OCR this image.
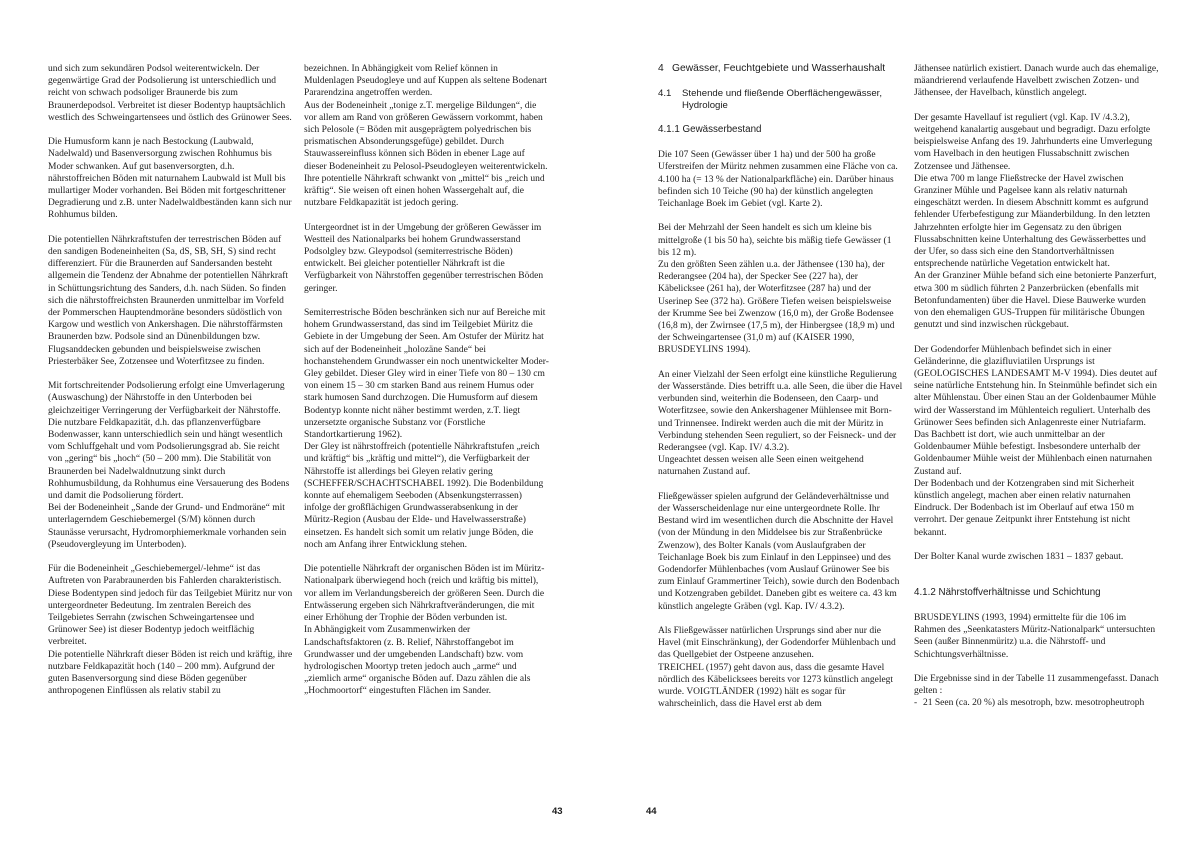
und sich zum sekundären Podsol weiterentwickeln. Der gegenwärtige Grad der Podsolierung ist unterschiedlich und reicht von schwach podsoliger Braunerde bis zum Braunerdepodsol. Verbreitet ist dieser Bodentyp hauptsächlich westlich des Schweingartensees und östlich des Grünower Sees.

Die Humusform kann je nach Bestockung (Laubwald, Nadelwald) und Basenversorgung zwischen Rohhumus bis Moder schwanken. Auf gut basenversorgten, d.h. nährstoffreichen Böden mit naturnahem Laubwald ist Mull bis mullartiger Moder vorhanden. Bei Böden mit fortgeschrittener Degradierung und z.B. unter Nadelwaldbeständen kann sich nur Rohhumus bilden.

Die potentiellen Nährkraftstufen der terrestrischen Böden auf den sandigen Bodeneinheiten (Sa, dS, SB, SH, S) sind recht differenziert. Für die Braunerden auf Sandersanden besteht allgemein die Tendenz der Abnahme der potentiellen Nährkraft in Schüttungsrichtung des Sanders, d.h. nach Süden. So finden sich die nährstoffreichsten Braunerden unmittelbar im Vorfeld der Pommerschen Hauptendmoräne besonders südöstlich von Kargow und westlich von Ankershagen. Die nährstoffärmsten Braunerden bzw. Podsole sind an Dünenbildungen bzw. Flugsanddecken gebunden und beispielsweise zwischen Priesterbäker See, Zotzensee und Woterfitzsee zu finden.

Mit fortschreitender Podsolierung erfolgt eine Umverlagerung (Auswaschung) der Nährstoffe in den Unterboden bei gleichzeitiger Verringerung der Verfügbarkeit der Nährstoffe. Die nutzbare Feldkapazität, d.h. das pflanzenverfügbare Bodenwasser, kann unterschiedlich sein und hängt wesentlich vom Schluffgehalt und vom Podsolierungsgrad ab. Sie reicht von „gering“ bis „hoch“ (50 – 200 mm). Die Stabilität von Braunerden bei Nadelwaldnutzung sinkt durch Rohhumusbildung, da Rohhumus eine Versauerung des Bodens und damit die Podsolierung fördert.

Bei der Bodeneinheit „Sande der Grund- und Endmoräne“ mit unterlagerndem Geschiebemergel (S/M) können durch Staunässe verursacht, Hydromorphiemerkmale vorhanden sein (Pseudovergleyung im Unterboden).

Für die Bodeneinheit „Geschiebemergel/-lehme“ ist das Auftreten von Parabraunerden bis Fahlerden charakteristisch. Diese Bodentypen sind jedoch für das Teilgebiet Müritz nur von untergeordneter Bedeutung. Im zentralen Bereich des Teilgebietes Serrahn (zwischen Schweingartensee und Grünower See) ist dieser Bodentyp jedoch weitflächig verbreitet.

Die potentielle Nährkraft dieser Böden ist reich und kräftig, ihre nutzbare Feldkapazität hoch (140 – 200 mm). Aufgrund der guten Basenversorgung sind diese Böden gegenüber anthropogenen Einflüssen als relativ stabil zu

bezeichnen. In Abhängigkeit vom Relief können in Muldenlagen Pseudogleye und auf Kuppen als seltene Bodenart Pararendzina angetroffen werden.

Aus der Bodeneinheit „tonige z.T. mergelige Bildungen“, die vor allem am Rand von größeren Gewässern vorkommt, haben sich Pelosole (= Böden mit ausgeprägtem polyedrischen bis prismatischen Absonderungsgefüge) gebildet. Durch Stauwassereinfluss können sich Böden in ebener Lage auf dieser Bodeneinheit zu Pelosol-Pseudogleyen weiterentwickeln. Ihre potentielle Nährkraft schwankt von „mittel“ bis „reich und kräftig“. Sie weisen oft einen hohen Wassergehalt auf, die nutzbare Feldkapazität ist jedoch gering.

Untergeordnet ist in der Umgebung der größeren Gewässer im Westteil des Nationalparks bei hohem Grundwasserstand Podsolgley bzw. Gleypodsol (semiterrestrische Böden) entwickelt. Bei gleicher potentieller Nährkraft ist die Verfügbarkeit von Nährstoffen gegenüber terrestrischen Böden geringer.

Semiterrestrische Böden beschränken sich nur auf Bereiche mit hohem Grundwasserstand, das sind im Teilgebiet Müritz die Gebiete in der Umgebung der Seen. Am Ostufer der Müritz hat sich auf der Bodeneinheit „holozäne Sande“ bei hochanstehendem Grundwasser ein noch unentwickelter Moder-Gley gebildet. Dieser Gley wird in einer Tiefe von 80 – 130 cm von einem 15 – 30 cm starken Band aus reinem Humus oder stark humosen Sand durchzogen. Die Humusform auf diesem Bodentyp konnte nicht näher bestimmt werden, z.T. liegt unzersetzte organische Substanz vor (Forstliche Standortkartierung 1962).

Der Gley ist nährstoffreich (potentielle Nährkraftstufen „reich und kräftig“ bis „kräftig und mittel“), die Verfügbarkeit der Nährstoffe ist allerdings bei Gleyen relativ gering (SCHEFFER/SCHACHTSCHABEL 1992). Die Bodenbildung konnte auf ehemaligem Seeboden (Absenkungsterrassen) infolge der großflächigen Grundwasserabsenkung in der Müritz-Region (Ausbau der Elde- und Havelwasserstraße) einsetzen. Es handelt sich somit um relativ junge Böden, die noch am Anfang ihrer Entwicklung stehen.

Die potentielle Nährkraft der organischen Böden ist im Müritz-Nationalpark überwiegend hoch (reich und kräftig bis mittel), vor allem im Verlandungsbereich der größeren Seen. Durch die Entwässerung ergeben sich Nährkraftveränderungen, die mit einer Erhöhung der Trophie der Böden verbunden ist.

In Abhängigkeit vom Zusammenwirken der Landschaftsfaktoren (z. B. Relief, Nährstoffangebot im Grundwasser und der umgebenden Landschaft) bzw. vom hydrologischen Moortyp treten jedoch auch „arme“ und „ziemlich arme“ organische Böden auf. Dazu zählen die als „Hochmoortorf“ eingestuften Flächen im Sander.

43
4 Gewässer, Feuchtgebiete und Wasserhaushalt
4.1	Stehende und fließende Oberflächengewässer, Hydrologie
4.1.1 Gewässerbestand

Die 107 Seen (Gewässer über 1 ha) und der 500 ha große Uferstreifen der Müritz nehmen zusammen eine Fläche von ca. 4.100 ha (= 13 % der Nationalparkfläche) ein. Darüber hinaus befinden sich 10 Teiche (90 ha) der künstlich angelegten Teichanlage Boek im Gebiet (vgl. Karte 2).

Bei der Mehrzahl der Seen handelt es sich um kleine bis mittelgroße (1 bis 50 ha), seichte bis mäßig tiefe Gewässer (1 bis 12 m).

Zu den größten Seen zählen u.a. der Jäthensee (130 ha), der Rederangsee (204 ha), der Specker See (227 ha), der Käbelicksee (261 ha), der Woterfitzsee (287 ha) und der Userinер See (372 ha). Größere Tiefen weisen beispielsweise der Krumme See bei Zwenzow (16,0 m), der Große Bodensee (16,8 m), der Zwirnsee (17,5 m), der Hinbergsee (18,9 m) und der Schweingartensee (31,0 m) auf (KAISER 1990, BRUSDEYLINS 1994).

An einer Vielzahl der Seen erfolgt eine künstliche Regulierung der Wasserstände. Dies betrifft u.a. alle Seen, die über die Havel verbunden sind, weiterhin die Bodenseen, den Caarp- und Woterfitzsee, sowie den Ankershagener Mühlensee mit Born- und Trinnensee. Indirekt werden auch die mit der Müritz in Verbindung stehenden Seen reguliert, so der Feisneck- und der Rederangsee (vgl. Kap. IV/ 4.3.2).

Ungeachtet dessen weisen alle Seen einen weitgehend naturnahen Zustand auf.

Fließgewässer spielen aufgrund der Geländeverhältnisse und der Wasserscheidenlage nur eine untergeordnete Rolle. Ihr Bestand wird im wesentlichen durch die Abschnitte der Havel (von der Mündung in den Middelsee bis zur Straßenbrücke Zwenzow), des Bolter Kanals (vom Auslaufgraben der Teichanlage Boek bis zum Einlauf in den Leppinsee) und des Godendorfer Mühlenbaches (vom Auslauf Grünower See bis zum Einlauf Grammertiner Teich), sowie durch den Bodenbach und Kotzengraben gebildet. Daneben gibt es weitere ca. 43 km künstlich angelegte Gräben (vgl. Kap. IV/ 4.3.2).

Als Fließgewässer natürlichen Ursprungs sind aber nur die Havel (mit Einschränkung), der Godendorfer Mühlenbach und das Quellgebiet der Ostpeene anzusehen.

TREICHEL (1957) geht davon aus, dass die gesamte Havel nördlich des Käbelicksees bereits vor 1273 künstlich angelegt wurde. VOIGTLÄNDER (1992) hält es sogar für wahrscheinlich, dass die Havel erst ab dem

Jäthensee natürlich existiert. Danach wurde auch das ehemalige, mäandrierend verlaufende Havelbett zwischen Zotzen- und Jäthensee, der Havelbach, künstlich angelegt.

Der gesamte Havellauf ist reguliert (vgl. Kap. IV /4.3.2), weitgehend kanalartig ausgebaut und begradigt. Dazu erfolgte beispielsweise Anfang des 19. Jahrhunderts eine Umverlegung vom Havelbach in den heutigen Flussabschnitt zwischen Zotzensee und Jäthensee.

Die etwa 700 m lange Fließstrecke der Havel zwischen Granziner Mühle und Pagelsee kann als relativ naturnah eingeschätzt werden. In diesem Abschnitt kommt es aufgrund fehlender Uferbefestigung zur Mäanderbildung. In den letzten Jahrzehnten erfolgte hier im Gegensatz zu den übrigen Flussabschnitten keine Unterhaltung des Gewässerbettes und der Ufer, so dass sich eine den Standortverhältnissen entsprechende natürliche Vegetation entwickelt hat.

An der Granziner Mühle befand sich eine betonierte Panzerfurt, etwa 300 m südlich führten 2 Panzerbrücken (ebenfalls mit Betonfundamenten) über die Havel. Diese Bauwerke wurden von den ehemaligen GUS-Truppen für militärische Übungen genutzt und sind inzwischen rückgebaut.

Der Godendorfer Mühlenbach befindet sich in einer Geländerinne, die glazifluviatilen Ursprungs ist (GEOLOGISCHES LANDESAMT M-V 1994). Dies deutet auf seine natürliche Entstehung hin. In Steinmühle befindet sich ein alter Mühlenstau. Über einen Stau an der Goldenbaumer Mühle wird der Wasserstand im Mühlenteich reguliert. Unterhalb des Grünower Sees befinden sich Anlagenreste einer Nutriafarm. Das Bachbett ist dort, wie auch unmittelbar an der Goldenbaumer Mühle befestigt. Insbesondere unterhalb der Goldenbaumer Mühle weist der Mühlenbach einen naturnahen Zustand auf.

Der Bodenbach und der Kotzengraben sind mit Sicherheit künstlich angelegt, machen aber einen relativ naturnahen Eindruck. Der Bodenbach ist im Oberlauf auf etwa 150 m verrohrt. Der genaue Zeitpunkt ihrer Entstehung ist nicht bekannt.

Der Bolter Kanal wurde zwischen 1831 – 1837 gebaut.

4.1.2 Nährstoffverhältnisse und Schichtung

BRUSDEYLINS (1993, 1994) ermittelte für die 106 im Rahmen des „Seenkatasters Müritz-Nationalpark“ untersuchten Seen (außer Binnenmüritz) u.a. die Nährstoff- und Schichtungsverhältnisse.

Die Ergebnisse sind in der Tabelle 11 zusammengefasst. Danach gelten :

- 21 Seen (ca. 20 %) als mesotroph, bzw. mesotropheutroph
44
